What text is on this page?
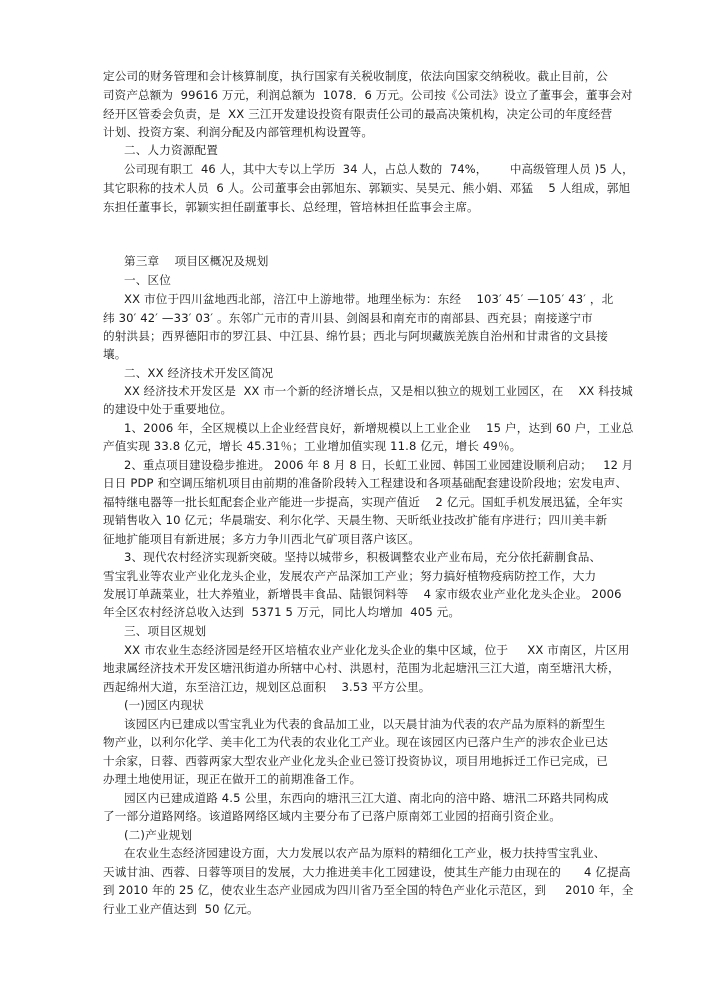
定公司的财务管理和会计核算制度，执行国家有关税收制度，依法向国家交纳税收。截止目前，公
司资产总额为  99616 万元，利润总额为  1078．6 万元。公司按《公司法》设立了董事会，董事会对
经开区管委会负责，是  XX 三江开发建设投资有限责任公司的最高决策机构，决定公司的年度经营
计划、投资方案、利润分配及内部管理机构设置等。
二、人力资源配置
公司现有职工  46 人，其中大专以上学历  34 人，占总人数的  74%，      中高级管理人员 )5 人，
其它职称的技术人员  6 人。公司董事会由郭旭东、郭颖实、吴昊元、熊小娟、邓猛    5 人组成，郭旭
东担任董事长，郭颖实担任副董事长、总经理，管培林担任监事会主席。
第三章    项目区概况及规划
一、区位
XX 市位于四川盆地西北部，涪江中上游地带。地理坐标为：东经    103′ 45′ —105′ 43′ ，北
纬 30′ 42′ —33′ 03′ 。东邻广元市的青川县、剑阁县和南充市的南部县、西充县；南接遂宁市
的射洪县；西界德阳市的罗江县、中江县、绵竹县；西北与阿坝藏族羌族自治州和甘肃省的文县接
壤。
二、XX 经济技术开发区简况
XX 经济技术开发区是  XX 市一个新的经济增长点，又是相以独立的规划工业园区，在    XX 科技城
的建设中处于重要地位。
1、2006 年，全区规模以上企业经营良好，新增规模以上工业企业    15 户，达到 60 户，工业总
产值实现 33.8 亿元，增长 45.31％；工业增加值实现 11.8 亿元，增长 49％。
2、重点项目建设稳步推进。 2006 年 8 月 8 日，长虹工业园、韩国工业园建设顺利启动；   12 月
日日 PDP 和空调压缩机项目由前期的准备阶段转入工程建设和各项基础配套建设阶段地；宏发电声、
福特继电器等一批长虹配套企业产能进一步提高，实现产值近    2 亿元。国虹手机发展迅猛，全年实
现销售收入 10 亿元；华晨瑞安、利尔化学、天晨生物、天昕纸业技改扩能有序进行；四川美丰新
征地扩能项目有新进展；多方力争川西北气矿项目落户该区。
3、现代农村经济实现新突破。坚持以城带乡，积极调整农业产业布局，充分依托薪蒯食品、
雪宝乳业等农业产业化龙头企业，发展农产产品深加工产业；努力搞好植物疫病防控工作，大力
发展订单蔬菜业，壮大养殖业，新增畏丰食品、陆银饲料等    4 家市级农业产业化龙头企业。 2006
年全区农村经济总收入达到  5371 5 万元，同比人均增加  405 元。
三、项目区规划
XX 市农业生态经济园是经开区培植农业产业化龙头企业的集中区域，位于     XX 市南区，片区用
地隶属经济技术开发区塘汛街道办所辖中心村、洪恩村，范围为北起塘汛三江大道，南至塘汛大桥，
西起绵州大道，东至涪江边，规划区总面积    3.53 平方公里。
(一)园区内现状
该园区内已建成以雪宝乳业为代表的食品加工业，以天晨甘油为代表的农产品为原料的新型生
物产业，以利尔化学、美丰化工为代表的农业化工产业。现在该园区内已落户生产的涉农企业已达
十余家，日蓉、西蓉两家大型农业产业化龙头企业已签订投资协议，项目用地拆迁工作已完成，已
办理土地使用证，现正在做开工的前期准备工作。
园区内已建成道路 4.5 公里，东西向的塘汛三江大道、南北向的涪中路、塘汛二环路共同构成
了一部分道路网络。该道路网络区域内主要分布了已落户原南郊工业园的招商引资企业。
(二)产业规划
在农业生态经济园建设方面，大力发展以农产品为原料的精细化工产业，极力扶持雪宝乳业、
天诚甘油、西蓉、日蓉等项目的发展，大力推进美丰化工园建设，使其生产能力由现在的      4 亿提高
到 2010 年的 25 亿，使农业生态产业园成为四川省乃至全国的特色产业化示范区，到     2010 年，全
行业工业产值达到  50 亿元。
